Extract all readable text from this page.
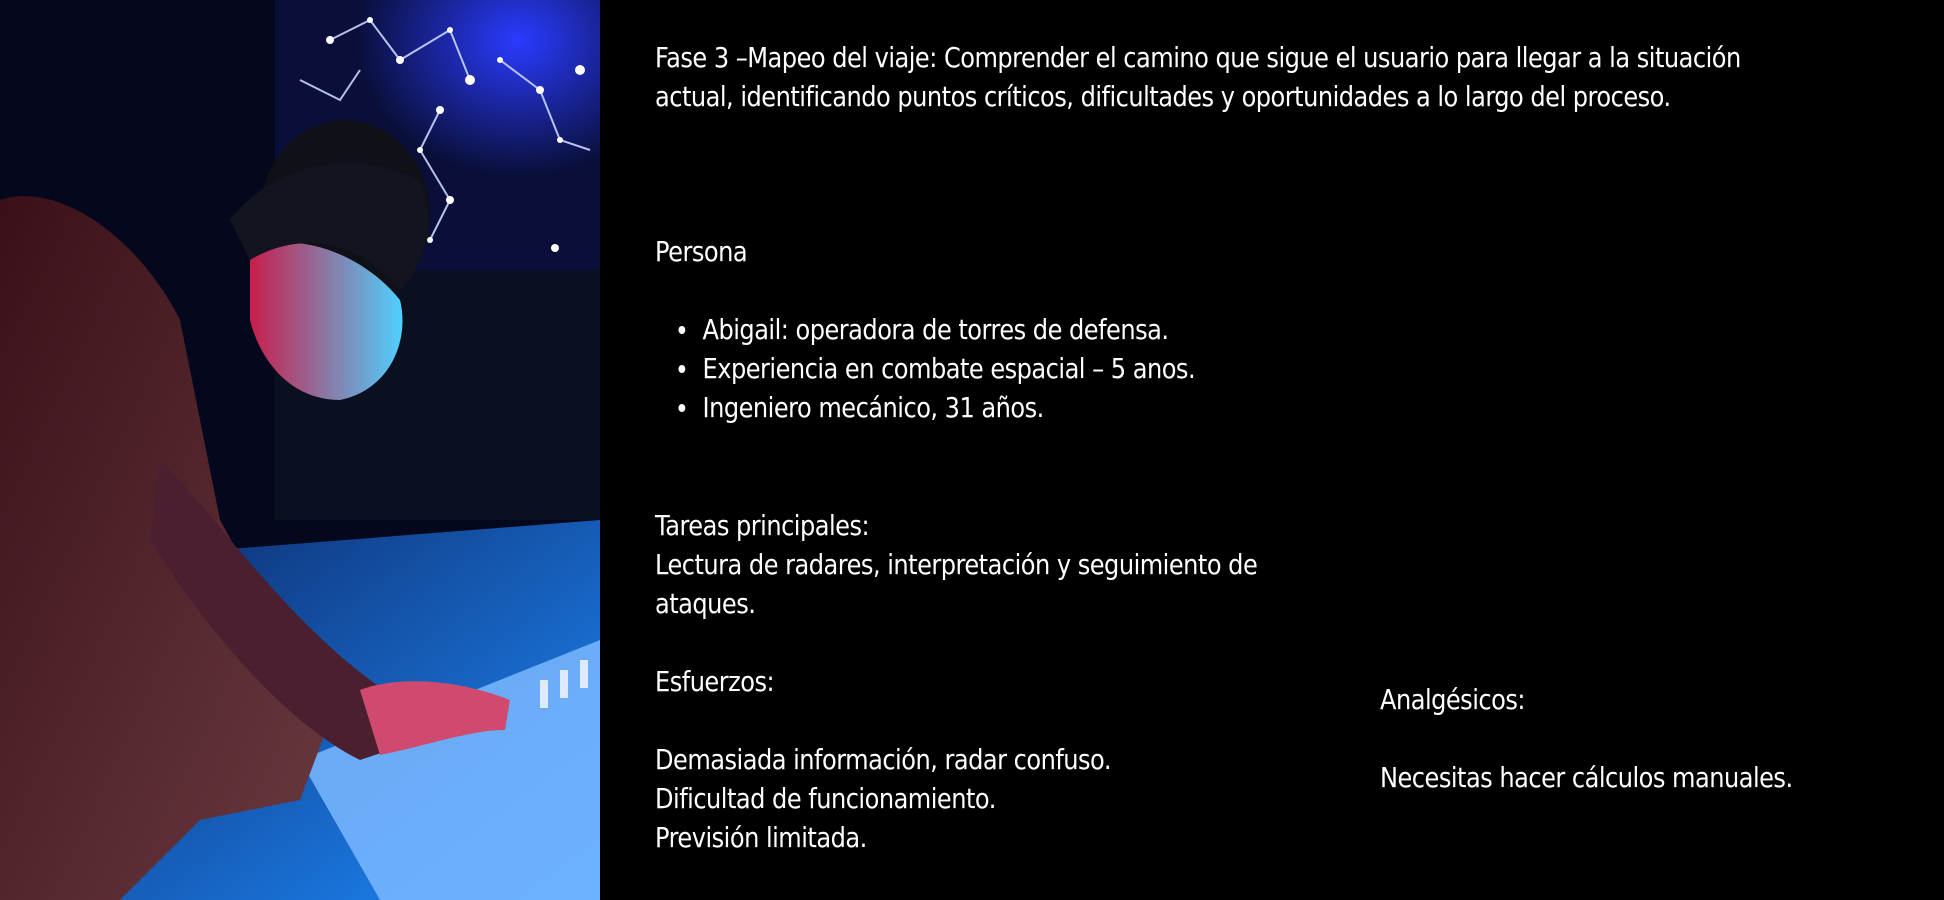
Fase 3 –Mapeo del viaje: Comprender el camino que sigue el usuario para llegar a la situación
actual, identificando puntos críticos, dificultades y oportunidades a lo largo del proceso.

Persona

Abigail: operadora de torres de defensa.
Experiencia en combate espacial – 5 anos.
Ingeniero mecánico, 31 años.

Tareas principales:

Lectura de radares, interpretación y seguimiento de
ataques.

Esfuerzos:

Demasiada información, radar confuso.
Dificultad de funcionamiento.
Previsión limitada.

Analgésicos:

Necesitas hacer cálculos manuales.
